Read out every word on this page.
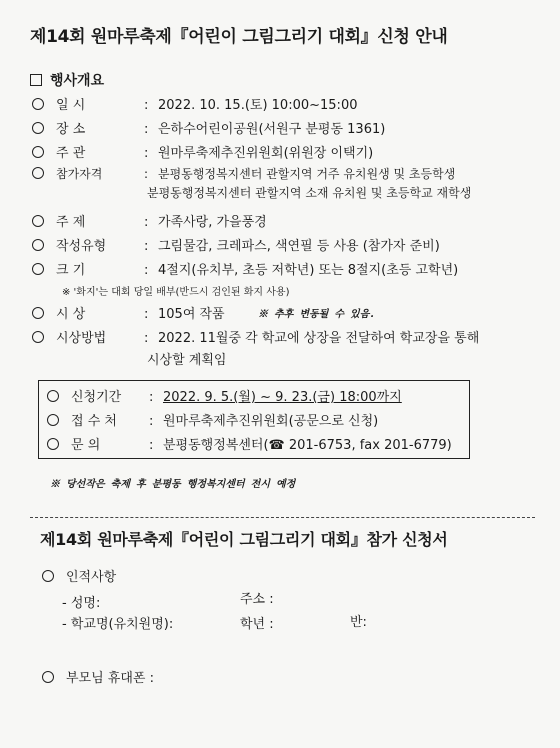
제14회 원마루축제『어린이 그림그리기 대회』신청 안내
행사개요
일 시	: 2022. 10. 15.(토) 10:00~15:00
장 소	: 은하수어린이공원(서원구 분평동 1361)
주 관	: 원마루축제추진위원회(위원장 이택기)
참가자격	: 분평동행정복지센터 관할지역 거주 유치원생 및 초등학생
분평동행정복지센터 관할지역 소재 유치원 및 초등학교 재학생
주 제	: 가족사랑, 가을풍경
작성유형	: 그림물감, 크레파스, 색연필 등 사용 (참가자 준비)
크 기	: 4절지(유치부, 초등 저학년) 또는 8절지(초등 고학년)
※ '화지'는 대회 당일 배부(반드시 검인된 화지 사용)
시 상	: 105여 작품	※ 추후 변동될 수 있음.
시상방법	: 2022. 11월중 각 학교에 상장을 전달하여 학교장을 통해
시상할 계획임
신청기간 : 2022. 9. 5.(월) ~ 9. 23.(금) 18:00까지
접 수 처 : 원마루축제추진위원회(공문으로 신청)
문 의	: 분평동행정복센터(☎ 201-6753, fax 201-6779)
※ 당선작은 축제 후 분평동 행정복지센터 전시 예정
제14회 원마루축제『어린이 그림그리기 대회』참가 신청서
인적사항
- 성명:	주소 :
- 학교명(유치원명):	학년 :	반:
부모님 휴대폰 :
